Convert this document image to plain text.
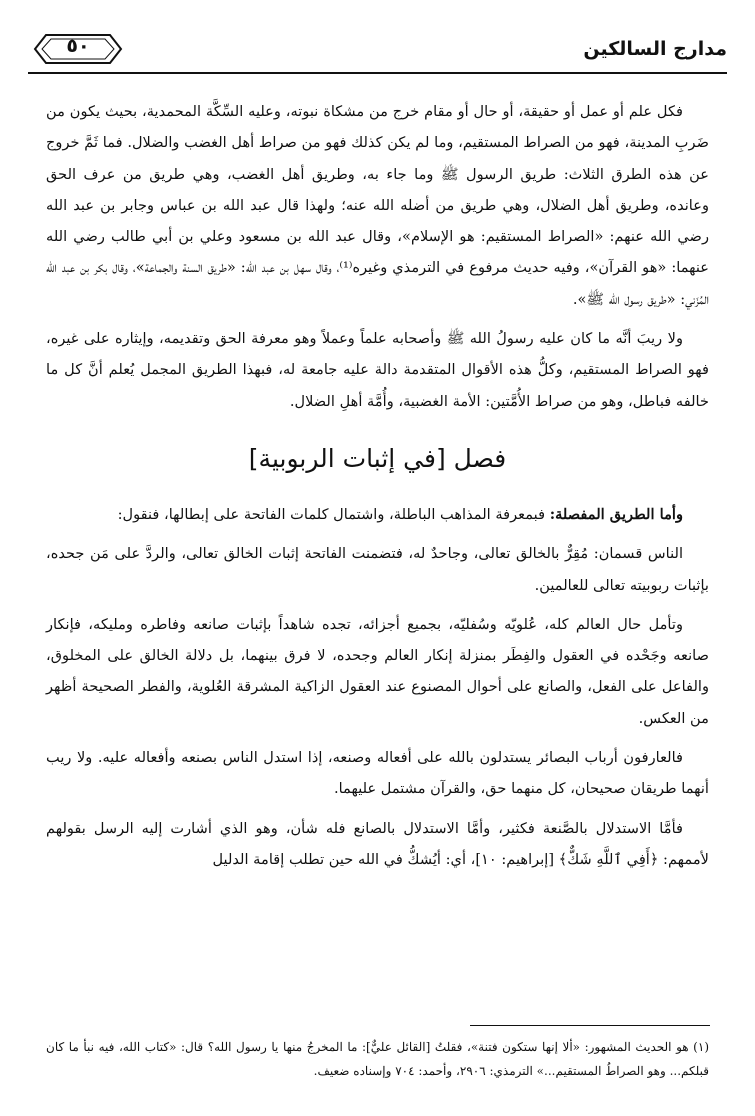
مدارج السالكين
٥٠

فكل علم أو عمل أو حقيقة، أو حال أو مقام خرج من مشكاة نبوته، وعليه السِّكَّة المحمدية، بحيث يكون من ضَربِ المدينة، فهو من الصراط المستقيم، وما لم يكن كذلك فهو من صراط أهل الغضب والضلال. فما ثَمَّ خروج عن هذه الطرق الثلاث: طريق الرسول ﷺ وما جاء به، وطريق أهل الغضب، وهي طريق من عرف الحق وعانده، وطريق أهل الضلال، وهي طريق من أضله الله عنه؛ ولهذا قال عبد الله بن عباس وجابر بن عبد الله رضي الله عنهم: «الصراط المستقيم: هو الإسلام»، وقال عبد الله بن مسعود وعلي بن أبي طالب رضي الله عنهما: «هو القرآن»، وفيه حديث مرفوع في الترمذي وغيره⁽¹⁾، وقال سهل بن عبد الله: «طريق السنة والجماعة»، وقال بكر بن عبد الله المُزَني: «طريق رسول الله ﷺ».

ولا ريبَ أنَّه ما كان عليه رسولُ الله ﷺ وأصحابه علماً وعملاً وهو معرفة الحق وتقديمه، وإيثاره على غيره، فهو الصراط المستقيم، وكلُّ هذه الأقوال المتقدمة دالة عليه جامعة له، فبهذا الطريق المجمل يُعلم أنَّ كل ما خالفه فباطل، وهو من صراط الأُمَّتين: الأمة الغضبية، وأُمَّة أهلِ الضلال.

فصل [في إثبات الربوبية]

وأما الطريق المفصلة: فبمعرفة المذاهب الباطلة، واشتمال كلمات الفاتحة على إبطالها، فنقول:

الناس قسمان: مُقِرٌّ بالخالق تعالى، وجاحدٌ له، فتضمنت الفاتحة إثبات الخالق تعالى، والردَّ على مَن جحده، بإثبات ربوبيته تعالى للعالمين.

وتأمل حال العالم كله، عُلويّه وسُفليّه، بجميع أجزائه، تجده شاهداً بإثبات صانعه وفاطره ومليكه، فإنكار صانعه وجَحْده في العقول والفِطَر بمنزلة إنكار العالم وجحده، لا فرق بينهما، بل دلالة الخالق على المخلوق، والفاعل على الفعل، والصانع على أحوال المصنوع عند العقول الزاكية المشرقة العُلوية، والفطر الصحيحة أظهر من العكس.

فالعارفون أرباب البصائر يستدلون بالله على أفعاله وصنعه، إذا استدل الناس بصنعه وأفعاله عليه. ولا ريب أنهما طريقان صحيحان، كل منهما حق، والقرآن مشتمل عليهما.

فأمَّا الاستدلال بالصَّنعة فكثير، وأمَّا الاستدلال بالصانع فله شأن، وهو الذي أشارت إليه الرسل بقولهم لأممهم: ﴿أَفِي ٱللَّهِ شَكٌّ﴾ [إبراهيم: ١٠]، أي: أيُشكُّ في الله حين تطلب إقامة الدليل

(١) هو الحديث المشهور: «ألا إنها ستكون فتنة»، فقلتُ [القائل عليٌّ]: ما المخرجُ منها يا رسول الله؟ قال: «كتاب الله، فيه نبأ ما كان قبلكم... وهو الصراطُ المستقيم...» الترمذي: ٢٩٠٦، وأحمد: ٧٠٤ وإسناده ضعيف.
